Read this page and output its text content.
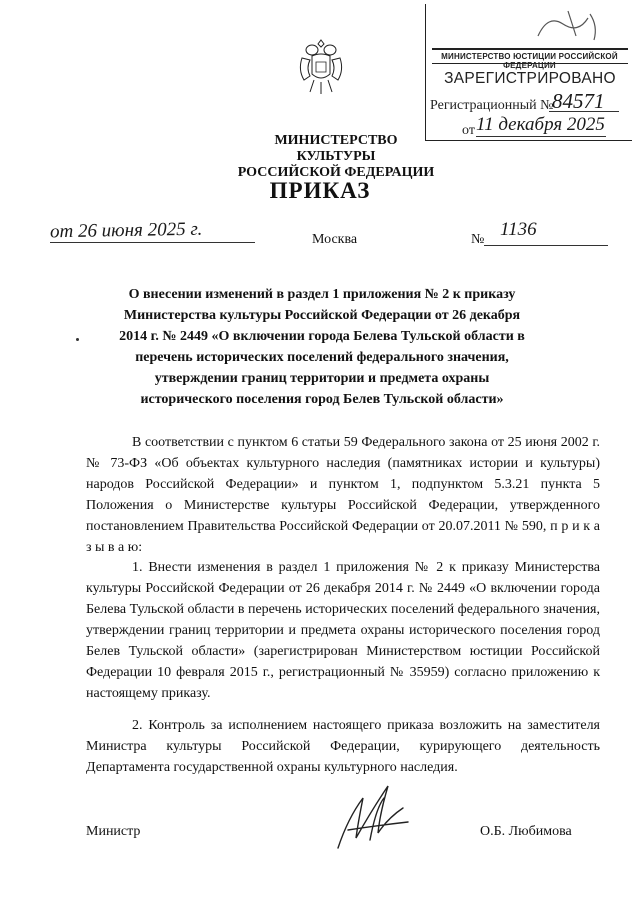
МИНИСТЕРСТВО ЮСТИЦИИ РОССИЙСКОЙ ФЕДЕРАЦИИ
ЗАРЕГИСТРИРОВАНО
Регистрационный №
84571
от 11 декабря 2025
МИНИСТЕРСТВО КУЛЬТУРЫ
РОССИЙСКОЙ ФЕДЕРАЦИИ
ПРИКАЗ
от 26 июня 2025 г.	Москва	№ 1136
О внесении изменений в раздел 1 приложения № 2 к приказу Министерства культуры Российской Федерации от 26 декабря 2014 г. № 2449 «О включении города Белева Тульской области в перечень исторических поселений федерального значения, утверждении границ территории и предмета охраны исторического поселения город Белев Тульской области»
В соответствии с пунктом 6 статьи 59 Федерального закона от 25 июня 2002 г. № 73-ФЗ «Об объектах культурного наследия (памятниках истории и культуры) народов Российской Федерации» и пунктом 1, подпунктом 5.3.21 пункта 5 Положения о Министерстве культуры Российской Федерации, утвержденного постановлением Правительства Российской Федерации от 20.07.2011 № 590, п р и к а з ы в а ю:
1. Внести изменения в раздел 1 приложения № 2 к приказу Министерства культуры Российской Федерации от 26 декабря 2014 г. № 2449 «О включении города Белева Тульской области в перечень исторических поселений федерального значения, утверждении границ территории и предмета охраны исторического поселения город Белев Тульской области» (зарегистрирован Министерством юстиции Российской Федерации 10 февраля 2015 г., регистрационный № 35959) согласно приложению к настоящему приказу.
2. Контроль за исполнением настоящего приказа возложить на заместителя Министра культуры Российской Федерации, курирующего деятельность Департамента государственной охраны культурного наследия.
Министр	О.Б. Любимова
